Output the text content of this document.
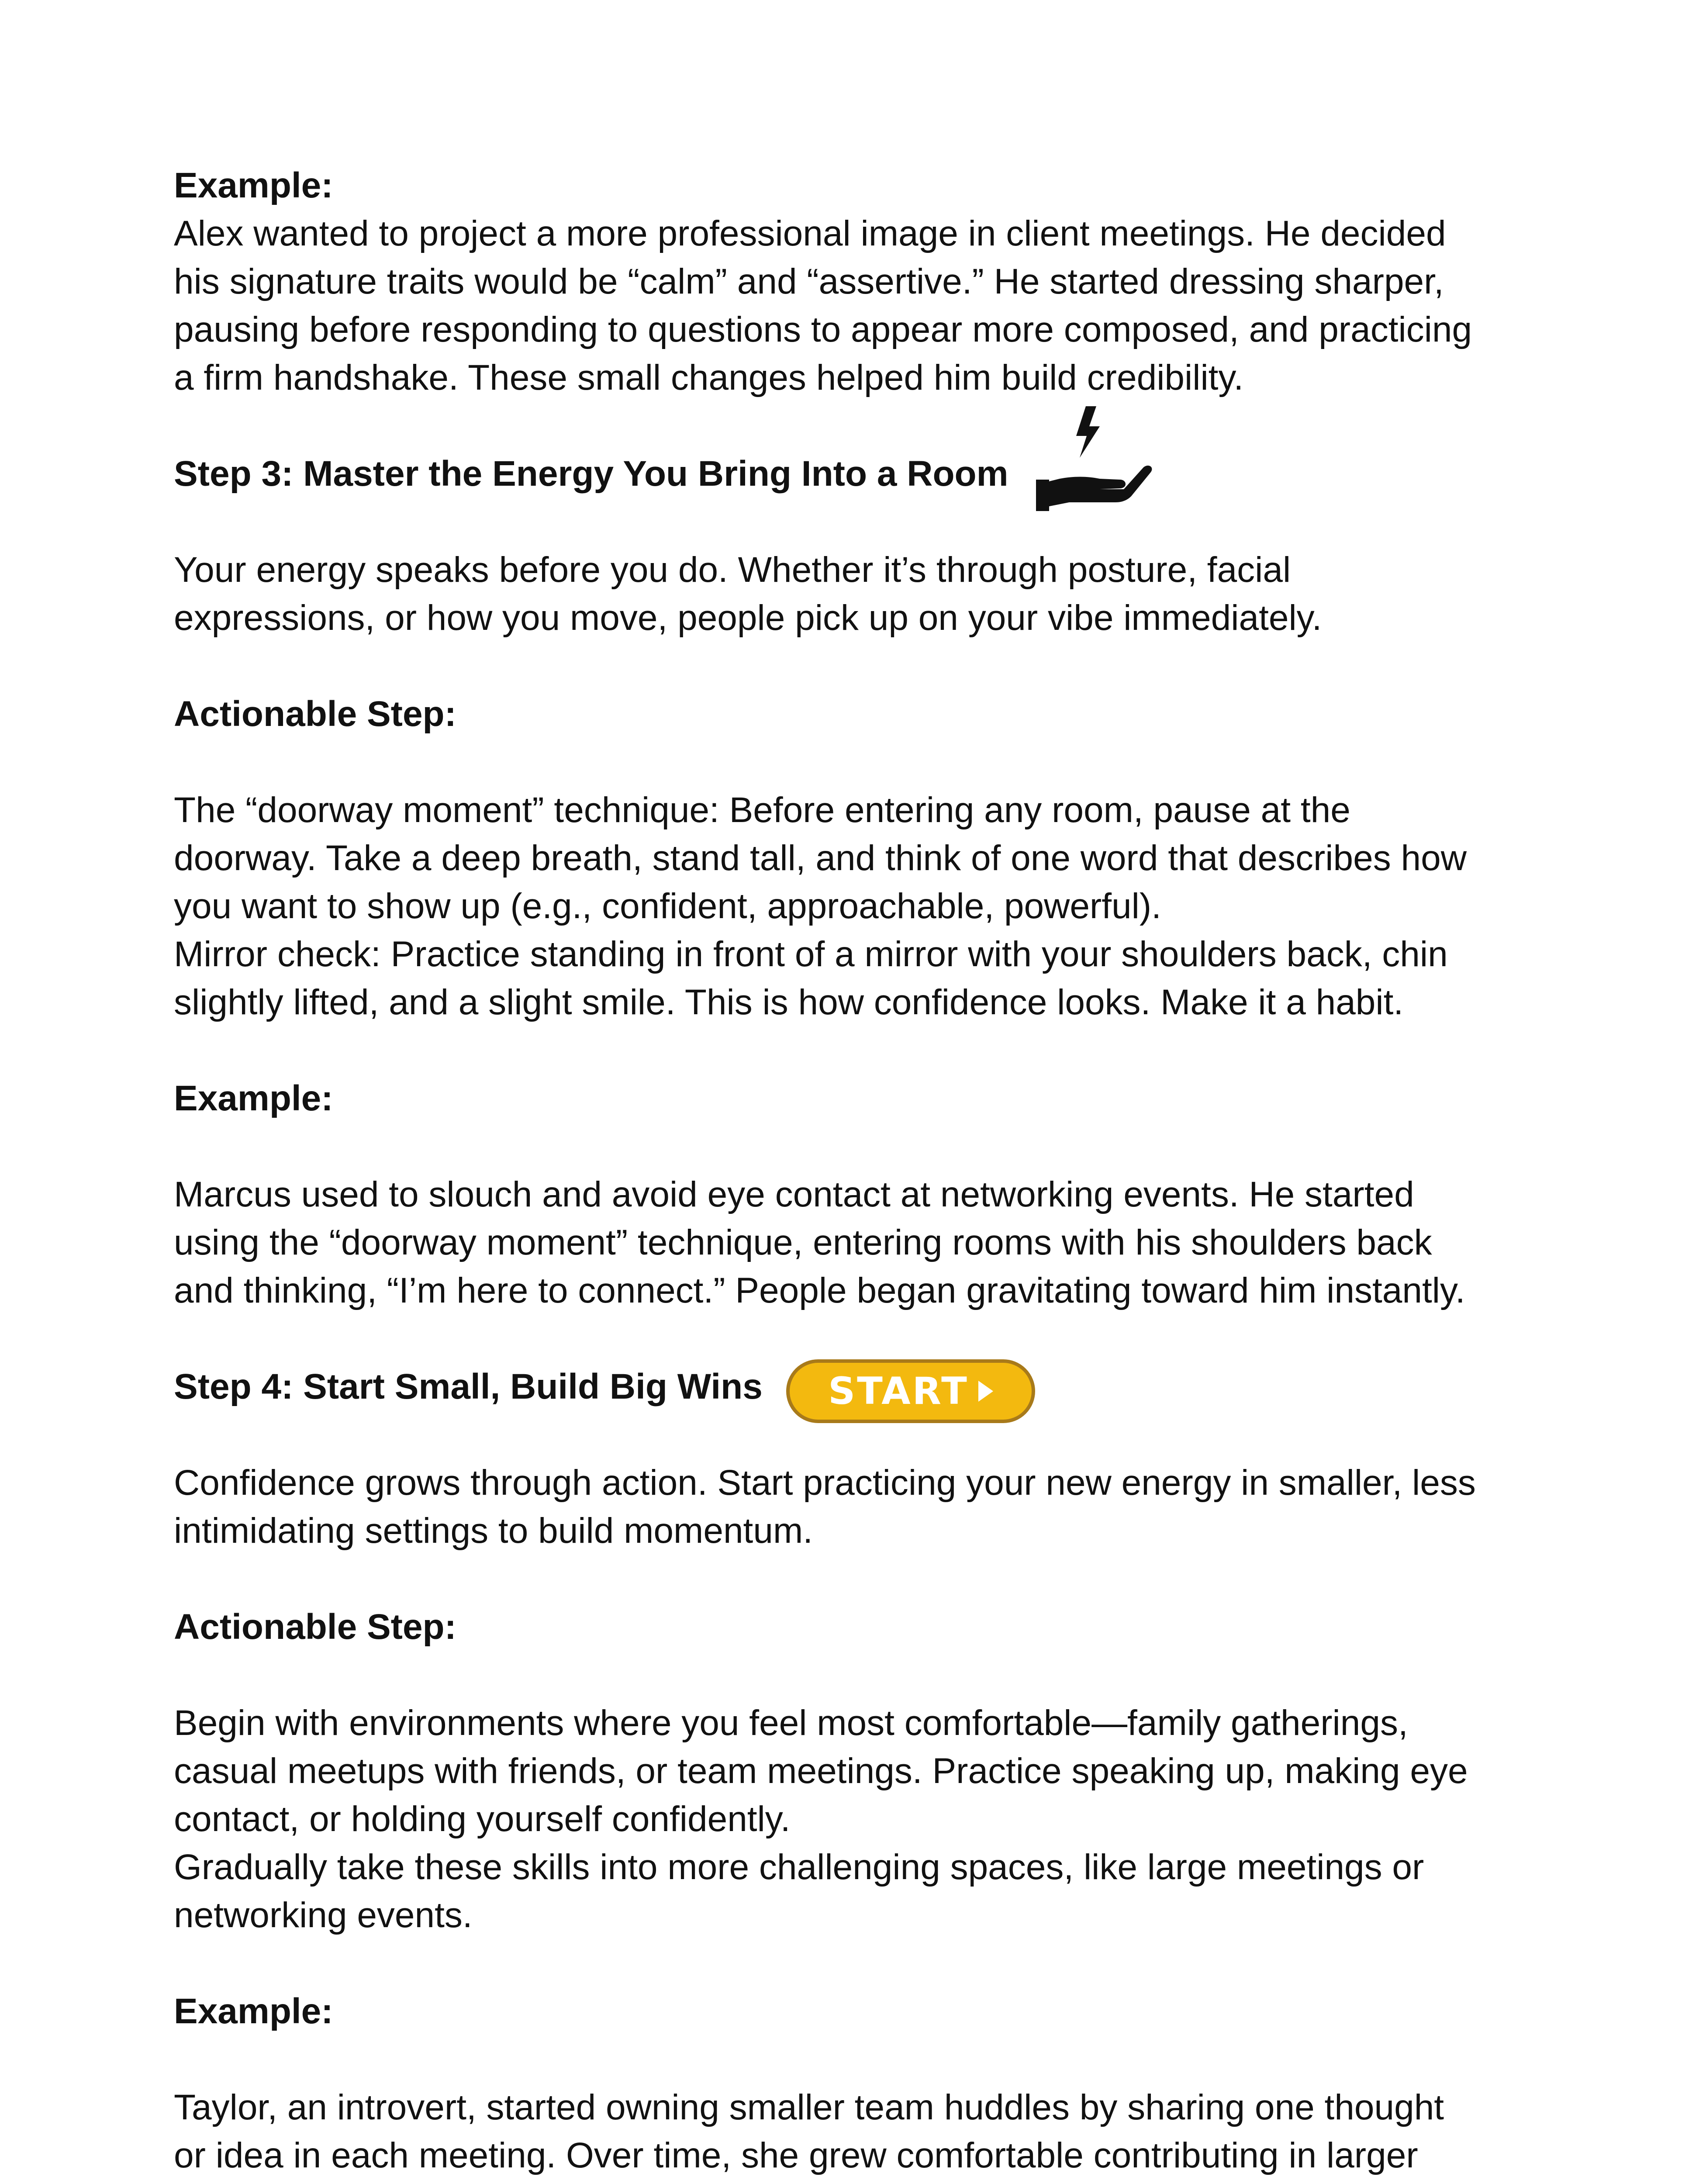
Example:

Alex wanted to project a more professional image in client meetings. He decided

his signature traits would be “calm” and “assertive.” He started dressing sharper,

pausing before responding to questions to appear more composed, and practicing

a firm handshake. These small changes helped him build credibility.

Step 3: Master the Energy You Bring Into a Room

Your energy speaks before you do. Whether it’s through posture, facial

expressions, or how you move, people pick up on your vibe immediately.

Actionable Step:

The “doorway moment” technique: Before entering any room, pause at the

doorway. Take a deep breath, stand tall, and think of one word that describes how

you want to show up (e.g., confident, approachable, powerful).

Mirror check: Practice standing in front of a mirror with your shoulders back, chin

slightly lifted, and a slight smile. This is how confidence looks. Make it a habit.

Example:

Marcus used to slouch and avoid eye contact at networking events. He started

using the “doorway moment” technique, entering rooms with his shoulders back

and thinking, “I’m here to connect.” People began gravitating toward him instantly.

Step 4: Start Small, Build Big Wins START

Confidence grows through action. Start practicing your new energy in smaller, less

intimidating settings to build momentum.

Actionable Step:

Begin with environments where you feel most comfortable—family gatherings,

casual meetups with friends, or team meetings. Practice speaking up, making eye

contact, or holding yourself confidently.

Gradually take these skills into more challenging spaces, like large meetings or

networking events.

Example:

Taylor, an introvert, started owning smaller team huddles by sharing one thought

or idea in each meeting. Over time, she grew comfortable contributing in larger
